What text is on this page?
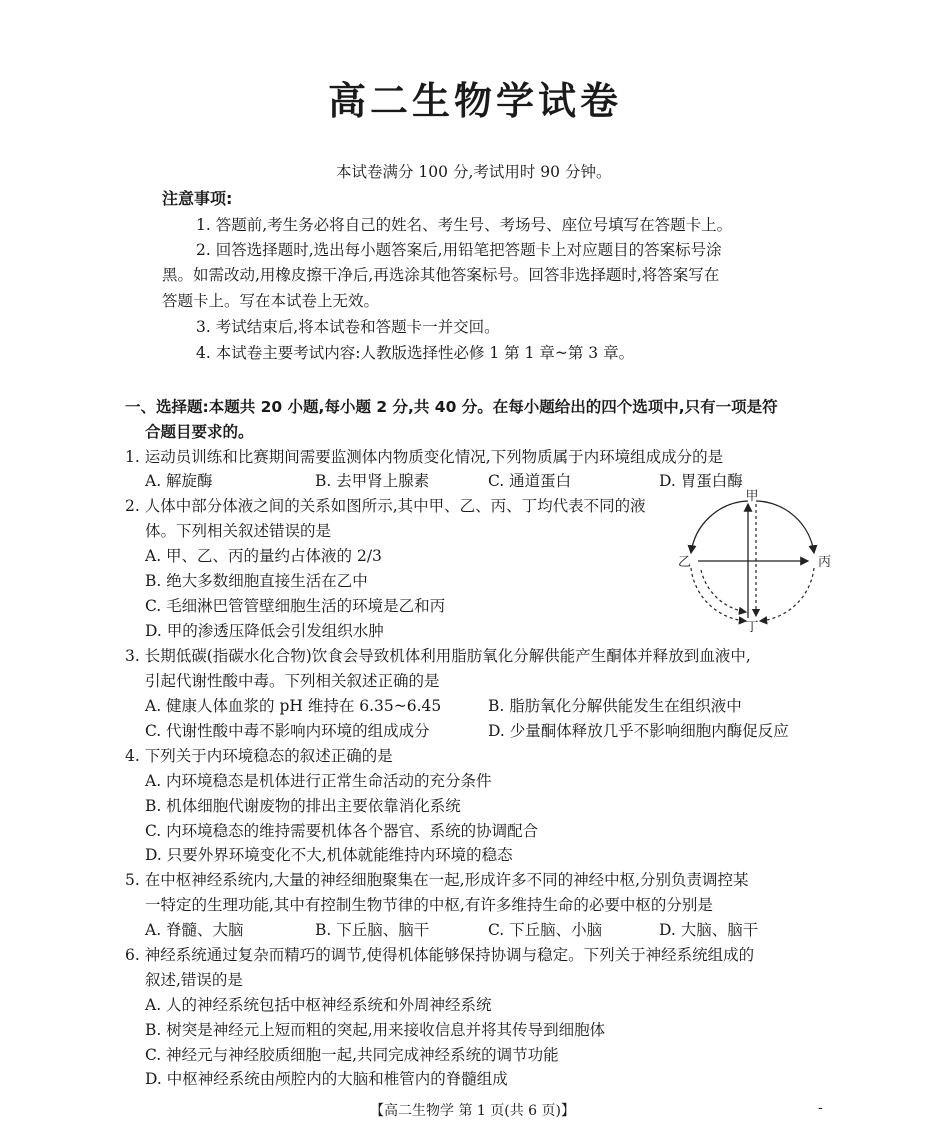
高二生物学试卷
本试卷满分 100 分,考试用时 90 分钟。
注意事项:
1. 答题前,考生务必将自己的姓名、考生号、考场号、座位号填写在答题卡上。
2. 回答选择题时,选出每小题答案后,用铅笔把答题卡上对应题目的答案标号涂
黑。如需改动,用橡皮擦干净后,再选涂其他答案标号。回答非选择题时,将答案写在
答题卡上。写在本试卷上无效。
3. 考试结束后,将本试卷和答题卡一并交回。
4. 本试卷主要考试内容:人教版选择性必修 1 第 1 章~第 3 章。
一、选择题:本题共 20 小题,每小题 2 分,共 40 分。在每小题给出的四个选项中,只有一项是符
合题目要求的。
1. 运动员训练和比赛期间需要监测体内物质变化情况,下列物质属于内环境组成成分的是
A. 解旋酶	B. 去甲肾上腺素	C. 通道蛋白	D. 胃蛋白酶
2. 人体中部分体液之间的关系如图所示,其中甲、乙、丙、丁均代表不同的液
体。下列相关叙述错误的是
A. 甲、乙、丙的量约占体液的 2/3
B. 绝大多数细胞直接生活在乙中
C. 毛细淋巴管管壁细胞生活的环境是乙和丙
D. 甲的渗透压降低会引发组织水肿
甲
乙	丙
丁
3. 长期低碳(指碳水化合物)饮食会导致机体利用脂肪氧化分解供能产生酮体并释放到血液中,
引起代谢性酸中毒。下列相关叙述正确的是
A. 健康人体血浆的 pH 维持在 6.35~6.45	B. 脂肪氧化分解供能发生在组织液中
C. 代谢性酸中毒不影响内环境的组成成分	D. 少量酮体释放几乎不影响细胞内酶促反应
4. 下列关于内环境稳态的叙述正确的是
A. 内环境稳态是机体进行正常生命活动的充分条件
B. 机体细胞代谢废物的排出主要依靠消化系统
C. 内环境稳态的维持需要机体各个器官、系统的协调配合
D. 只要外界环境变化不大,机体就能维持内环境的稳态
5. 在中枢神经系统内,大量的神经细胞聚集在一起,形成许多不同的神经中枢,分别负责调控某
一特定的生理功能,其中有控制生物节律的中枢,有许多维持生命的必要中枢的分别是
A. 脊髓、大脑	B. 下丘脑、脑干	C. 下丘脑、小脑	D. 大脑、脑干
6. 神经系统通过复杂而精巧的调节,使得机体能够保持协调与稳定。下列关于神经系统组成的
叙述,错误的是
A. 人的神经系统包括中枢神经系统和外周神经系统
B. 树突是神经元上短而粗的突起,用来接收信息并将其传导到细胞体
C. 神经元与神经胶质细胞一起,共同完成神经系统的调节功能
D. 中枢神经系统由颅腔内的大脑和椎管内的脊髓组成
【高二生物学 第 1 页(共 6 页)】	-
